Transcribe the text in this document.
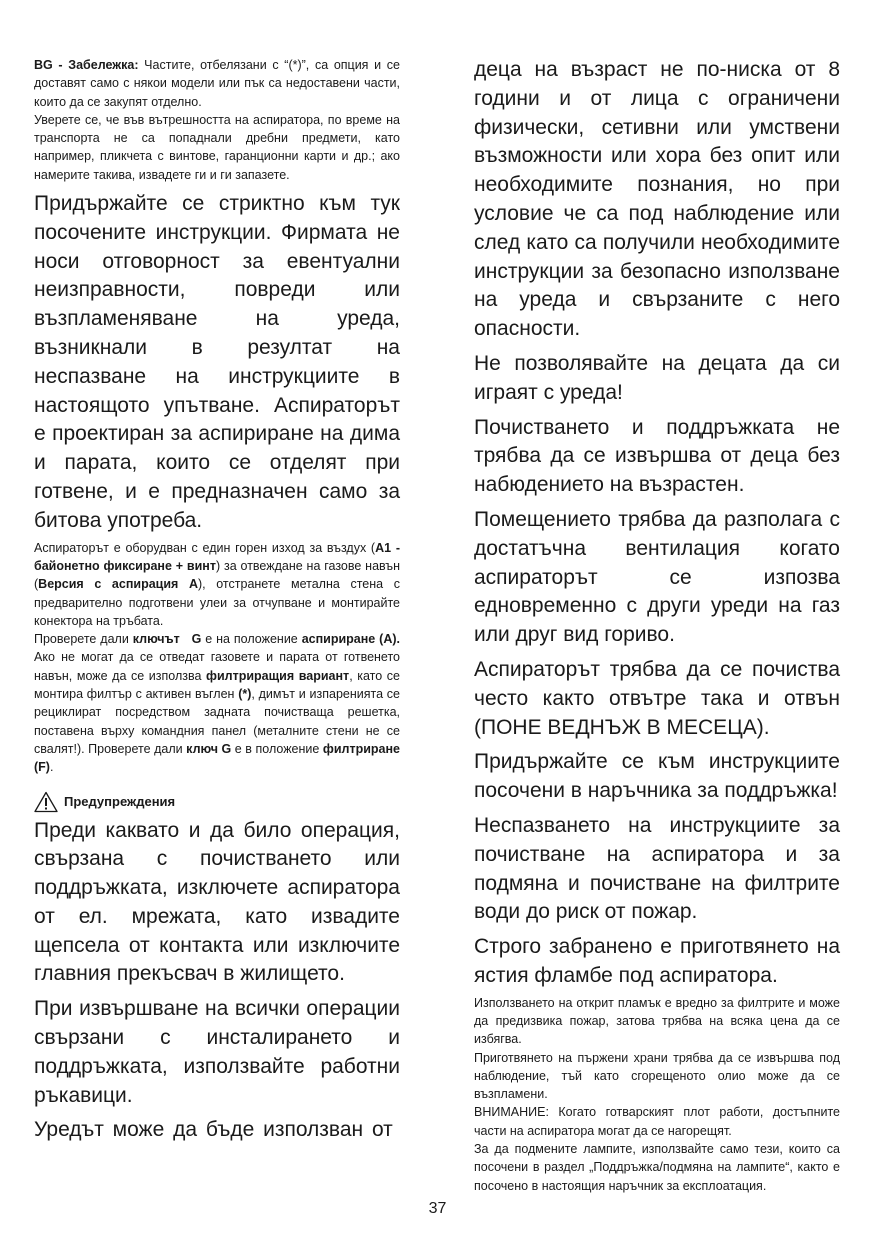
BG - Забележка: Частите, отбелязани с “(*)”, са опция и се доставят само с някои модели или пък са недоставени части, които да се закупят отделно.

Уверете се, че във вътрешността на аспиратора, по време на транспорта не са попаднали дребни предмети, като например, пликчета с винтове, гаранционни карти и др.; ако намерите такива, извадете ги и ги запазете.

Придържайте се стриктно към тук посочените инструкции. Фирмата не носи отговорност за евентуални неизправности, повреди или възпламеняване на уреда, възникнали в резултат на неспазване на инструкциите в настоящото упътване. Аспираторът е проектиран за аспириране на дима и парата, които се отделят при готвене, и е предназначен само за битова употреба.

Аспираторът е оборудван с един горен изход за въздух (A1 - байонетно фиксиране + винт) за отвеждане на газове навън (Версия с аспирация А), отстранете метална стена с предварително подготвени улеи за отчупване и монтирайте конектора на тръбата.

Проверете дали ключът   G е на положение аспириране (А). Ако не могат да се отведат газовете и парата от готвенето навън, може да се използва филтриращия вариант, като се монтира филтър с активен въглен (*), димът и изпаренията се рециклират посредством задната почистваща решетка, поставена върху командния панел (металните стени не се свалят!). Проверете дали ключ G е в положение филтриране (F).

Предупреждения

Преди каквато и да било операция, свързана с почистването или поддръжката, изключете аспиратора от ел. мрежата, като извадите щепсела от контакта или изключите главния прекъсвач в жилището.

При извършване на всички операции свързани с инсталирането и поддръжката, използвайте работни ръкавици.

Уредът може да бъде използван от

деца на възраст не по-ниска от 8 години и от лица с ограничени физически, сетивни или умствени възможности или хора без опит или необходимите познания, но при условие че са под наблюдение или след като са получили необходимите инструкции за безопасно използване на уреда и свързаните с него опасности.

Не позволявайте на децата да си играят с уреда!

Почистването и поддръжката не трябва да се извършва от деца без набюдението на възрастен.

Помещението трябва да разполага с достатъчна вентилация когато аспираторът се изпозва едновременно с други уреди на газ или друг вид гориво.

Аспираторът трябва да се почиства често както отвътре така и отвън (ПОНЕ ВЕДНЪЖ В МЕСЕЦА).

Придържайте се към инструкциите посочени в наръчника за поддръжка!

Неспазването на инструкциите за почистване на аспиратора и за подмяна и почистване на филтрите води до риск от пожар.

Строго забранено е приготвянето на ястия фламбе под аспиратора.

Използването на открит пламък е вредно за филтрите и може да предизвика пожар, затова трябва на всяка цена да се избягва.

Приготвянето на пържени храни трябва да се извършва под наблюдение, тъй като сгорещеното олио може да се възпламени.

ВНИМАНИЕ: Когато готварският плот работи, достъпните части на аспиратора могат да се нагорещят.

За да подмените лампите, използвайте само тези, които са посочени в раздел „Поддръжка/подмяна на лампите“, както е посочено в настоящия наръчник за експлоатация.

37
